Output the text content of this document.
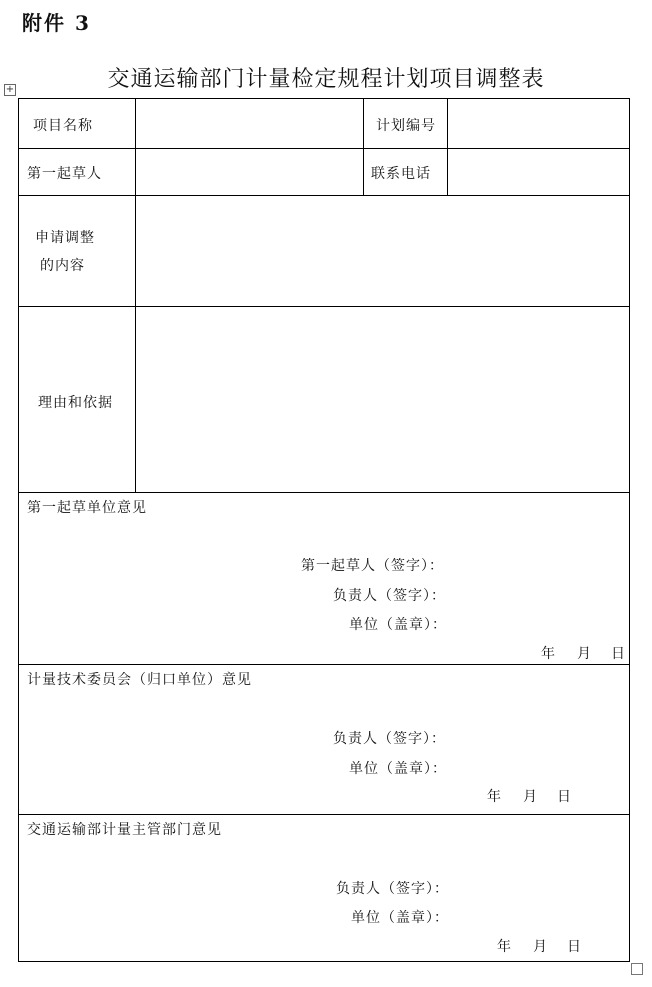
附件 3
交通运输部门计量检定规程计划项目调整表
+
项目名称	计划编号
第一起草人	联系电话
申请调整
的内容
理由和依据
第一起草单位意见
第一起草人（签字）：
负责人（签字）：
单位（盖章）：
年 月 日
计量技术委员会（归口单位）意见
负责人（签字）：
单位（盖章）：
年 月 日
交通运输部计量主管部门意见
负责人（签字）：
单位（盖章）：
年 月 日
